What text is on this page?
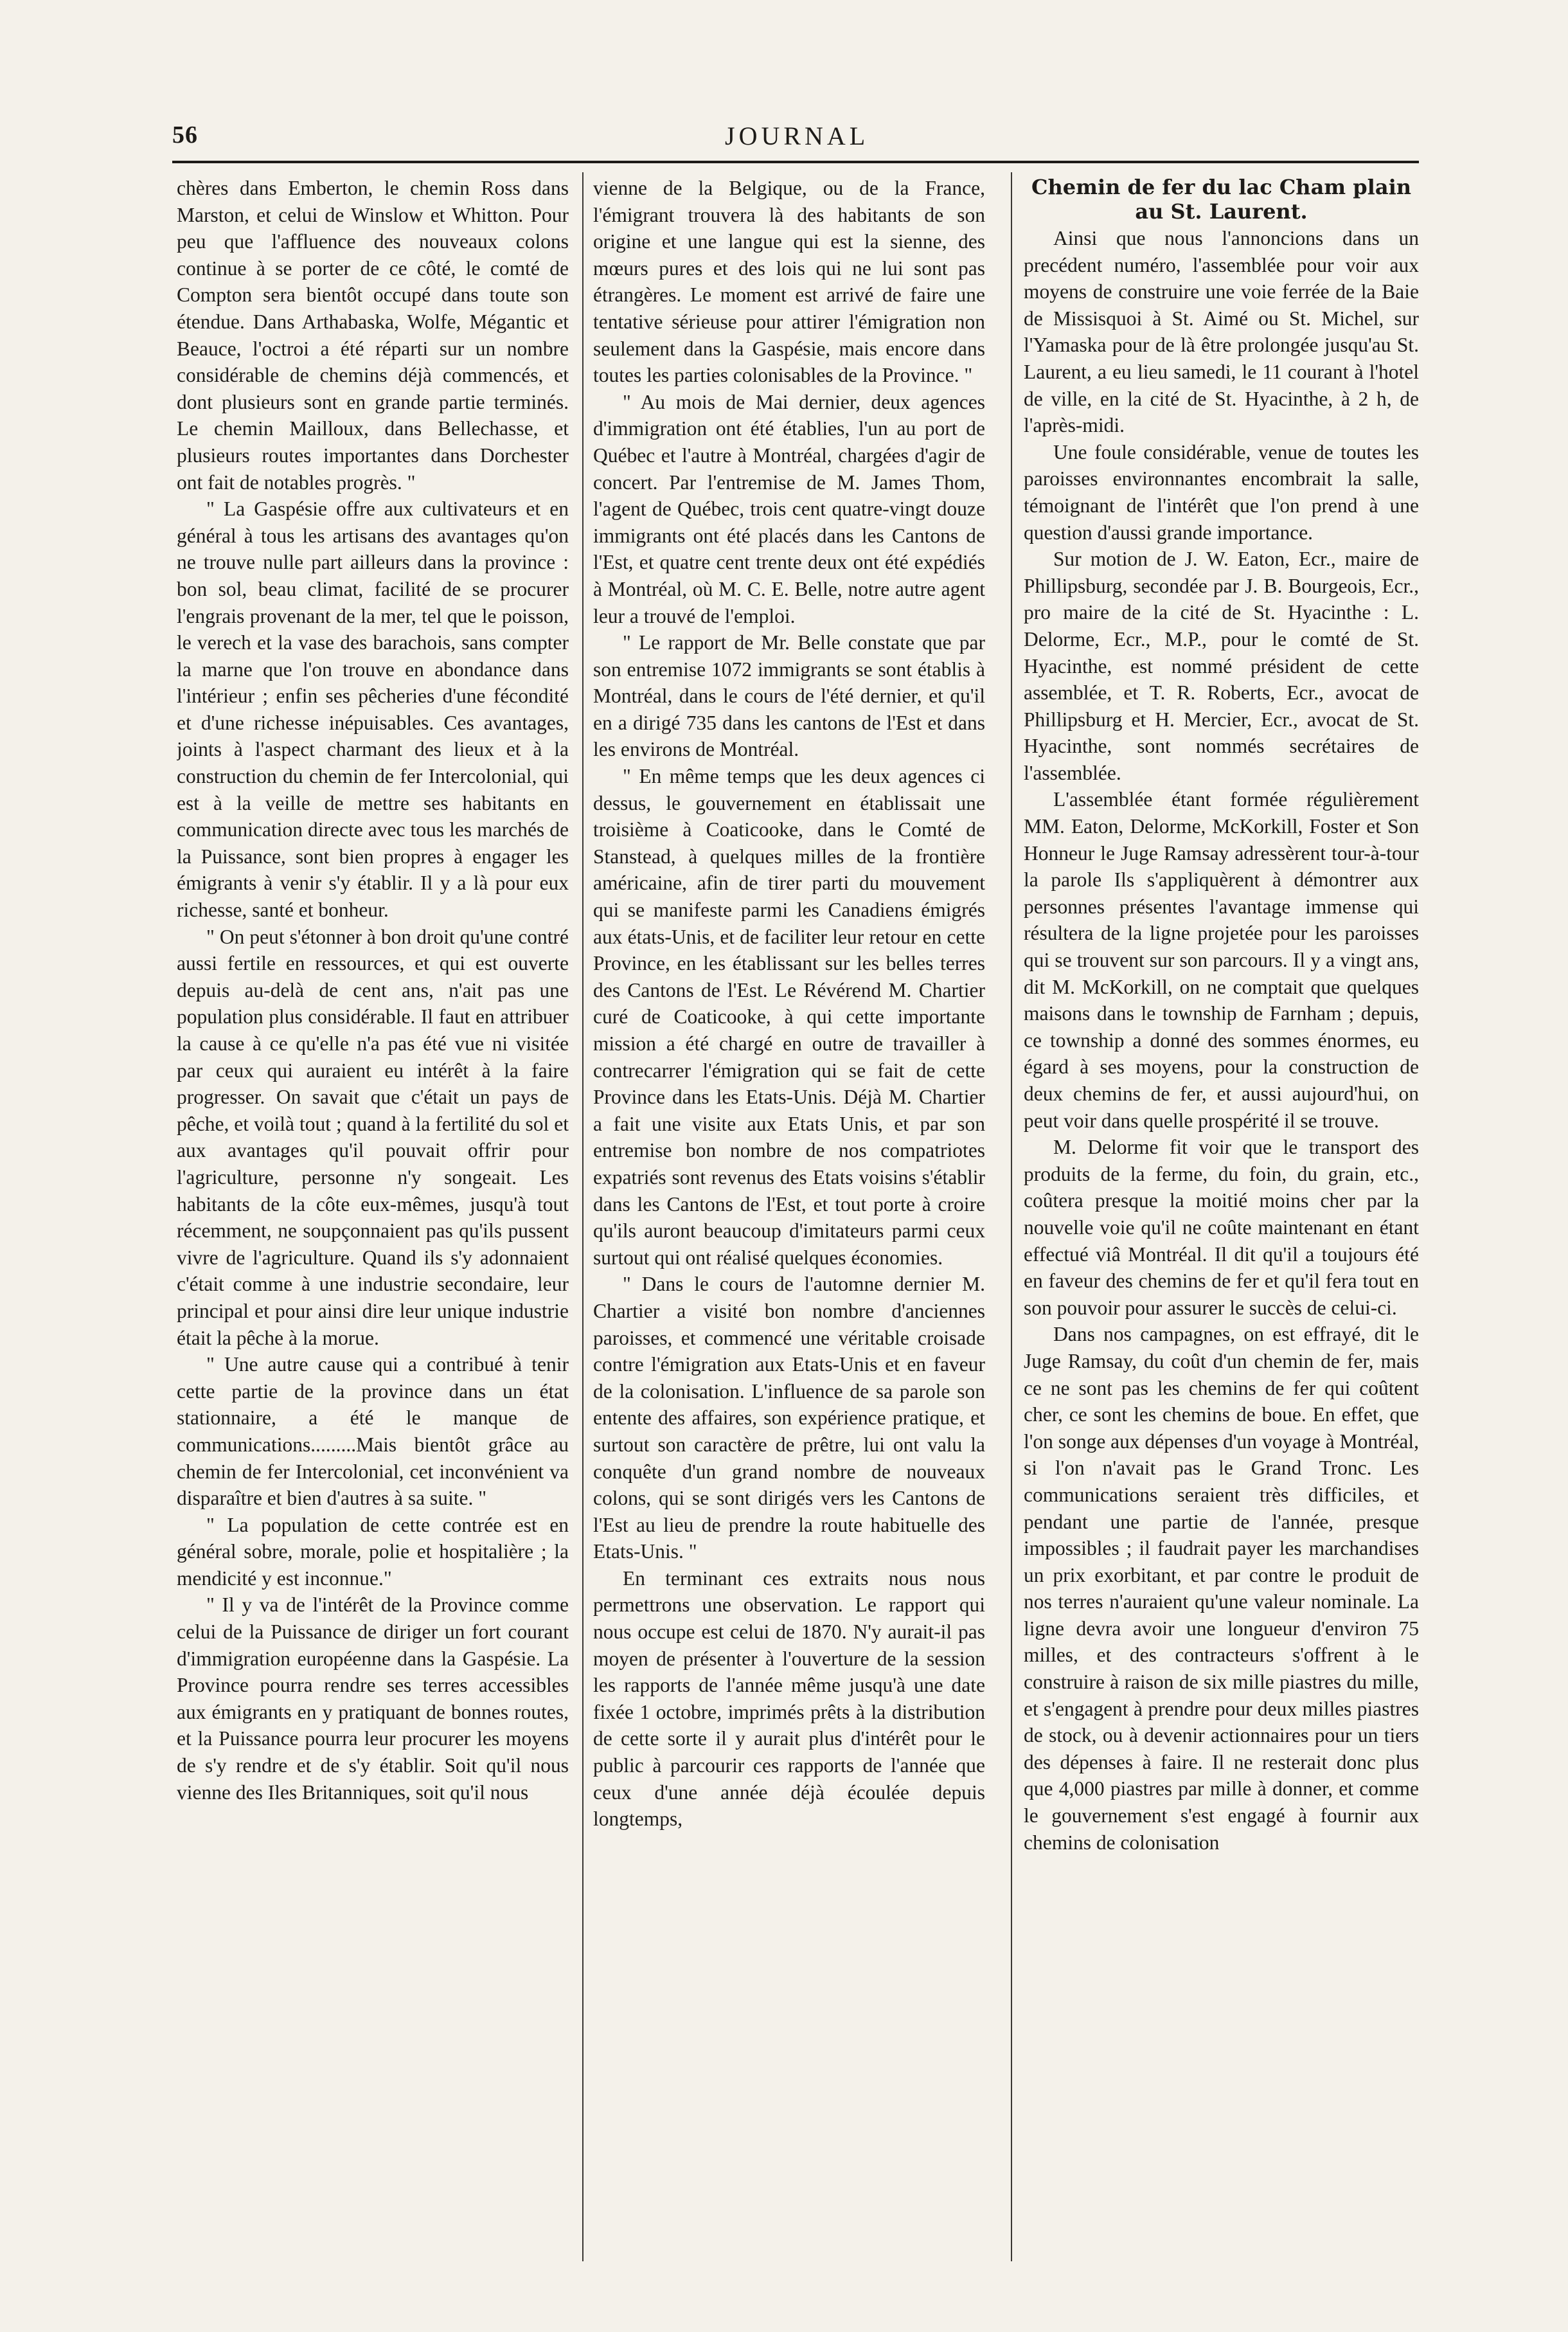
56	JOURNAL

chères dans Emberton, le chemin Ross dans Marston, et celui de Winslow et Whitton. Pour peu que l'affluence des nouveaux colons continue à se porter de ce côté, le comté de Compton sera bientôt occupé dans toute son étendue. Dans Arthabaska, Wolfe, Mégantic et Beauce, l'octroi a été réparti sur un nombre considérable de chemins déjà commencés, et dont plusieurs sont en grande partie terminés. Le chemin Mailloux, dans Bellechasse, et plusieurs routes importantes dans Dorchester ont fait de notables progrès. "

" La Gaspésie offre aux cultivateurs et en général à tous les artisans des avantages qu'on ne trouve nulle part ailleurs dans la province : bon sol, beau climat, facilité de se procurer l'engrais provenant de la mer, tel que le poisson, le verech et la vase des barachois, sans compter la marne que l'on trouve en abondance dans l'intérieur ; enfin ses pêcheries d'une fécondité et d'une richesse inépuisables. Ces avantages, joints à l'aspect charmant des lieux et à la construction du chemin de fer Intercolonial, qui est à la veille de mettre ses habitants en communication directe avec tous les marchés de la Puissance, sont bien propres à engager les émigrants à venir s'y établir. Il y a là pour eux richesse, santé et bonheur.

" On peut s'étonner à bon droit qu'une contré aussi fertile en ressources, et qui est ouverte depuis au-delà de cent ans, n'ait pas une population plus considérable. Il faut en attribuer la cause à ce qu'elle n'a pas été vue ni visitée par ceux qui auraient eu intérêt à la faire progresser. On savait que c'était un pays de pêche, et voilà tout ; quand à la fertilité du sol et aux avantages qu'il pouvait offrir pour l'agriculture, personne n'y songeait. Les habitants de la côte eux-mêmes, jusqu'à tout récemment, ne soupçonnaient pas qu'ils pussent vivre de l'agriculture. Quand ils s'y adonnaient c'était comme à une industrie secondaire, leur principal et pour ainsi dire leur unique industrie était la pêche à la morue.

" Une autre cause qui a contribué à tenir cette partie de la province dans un état stationnaire, a été le manque de communications.........Mais bientôt grâce au chemin de fer Intercolonial, cet inconvénient va disparaître et bien d'autres à sa suite. "

" La population de cette contrée est en général sobre, morale, polie et hospitalière ; la mendicité y est inconnue."

" Il y va de l'intérêt de la Province comme celui de la Puissance de diriger un fort courant d'immigration européenne dans la Gaspésie. La Province pourra rendre ses terres accessibles aux émigrants en y pratiquant de bonnes routes, et la Puissance pourra leur procurer les moyens de s'y rendre et de s'y établir. Soit qu'il nous vienne des Iles Britanniques, soit qu'il nous

vienne de la Belgique, ou de la France, l'émigrant trouvera là des habitants de son origine et une langue qui est la sienne, des mœurs pures et des lois qui ne lui sont pas étrangères. Le moment est arrivé de faire une tentative sérieuse pour attirer l'émigration non seulement dans la Gaspésie, mais encore dans toutes les parties colonisables de la Province. "

" Au mois de Mai dernier, deux agences d'immigration ont été établies, l'un au port de Québec et l'autre à Montréal, chargées d'agir de concert. Par l'entremise de M. James Thom, l'agent de Québec, trois cent quatre-vingt douze immigrants ont été placés dans les Cantons de l'Est, et quatre cent trente deux ont été expédiés à Montréal, où M. C. E. Belle, notre autre agent leur a trouvé de l'emploi.

" Le rapport de Mr. Belle constate que par son entremise 1072 immigrants se sont établis à Montréal, dans le cours de l'été dernier, et qu'il en a dirigé 735 dans les cantons de l'Est et dans les environs de Montréal.

" En même temps que les deux agences ci dessus, le gouvernement en établissait une troisième à Coaticooke, dans le Comté de Stanstead, à quelques milles de la frontière américaine, afin de tirer parti du mouvement qui se manifeste parmi les Canadiens émigrés aux états-Unis, et de faciliter leur retour en cette Province, en les établissant sur les belles terres des Cantons de l'Est. Le Révérend M. Chartier curé de Coaticooke, à qui cette importante mission a été chargé en outre de travailler à contrecarrer l'émigration qui se fait de cette Province dans les Etats-Unis. Déjà M. Chartier a fait une visite aux Etats Unis, et par son entremise bon nombre de nos compatriotes expatriés sont revenus des Etats voisins s'établir dans les Cantons de l'Est, et tout porte à croire qu'ils auront beaucoup d'imitateurs parmi ceux surtout qui ont réalisé quelques économies.

" Dans le cours de l'automne dernier M. Chartier a visité bon nombre d'anciennes paroisses, et commencé une véritable croisade contre l'émigration aux Etats-Unis et en faveur de la colonisation. L'influence de sa parole son entente des affaires, son expérience pratique, et surtout son caractère de prêtre, lui ont valu la conquête d'un grand nombre de nouveaux colons, qui se sont dirigés vers les Cantons de l'Est au lieu de prendre la route habituelle des Etats-Unis. "

En terminant ces extraits nous nous permettrons une observation. Le rapport qui nous occupe est celui de 1870. N'y aurait-il pas moyen de présenter à l'ouverture de la session les rapports de l'année même jusqu'à une date fixée 1 octobre, imprimés prêts à la distribution de cette sorte il y aurait plus d'intérêt pour le public à parcourir ces rapports de l'année que ceux d'une année déjà écoulée depuis longtemps,

Chemin de fer du lac Cham plain au St. Laurent.

Ainsi que nous l'annoncions dans un precédent numéro, l'assemblée pour voir aux moyens de construire une voie ferrée de la Baie de Missisquoi à St. Aimé ou St. Michel, sur l'Yamaska pour de là être prolongée jusqu'au St. Laurent, a eu lieu samedi, le 11 courant à l'hotel de ville, en la cité de St. Hyacinthe, à 2 h, de l'après-midi.

Une foule considérable, venue de toutes les paroisses environnantes encombrait la salle, témoignant de l'intérêt que l'on prend à une question d'aussi grande importance.

Sur motion de J. W. Eaton, Ecr., maire de Phillipsburg, secondée par J. B. Bourgeois, Ecr., pro maire de la cité de St. Hyacinthe : L. Delorme, Ecr., M.P., pour le comté de St. Hyacinthe, est nommé président de cette assemblée, et T. R. Roberts, Ecr., avocat de Phillipsburg et H. Mercier, Ecr., avocat de St. Hyacinthe, sont nommés secrétaires de l'assemblée.

L'assemblée étant formée régulièrement MM. Eaton, Delorme, McKorkill, Foster et Son Honneur le Juge Ramsay adressèrent tour-à-tour la parole Ils s'appliquèrent à démontrer aux personnes présentes l'avantage immense qui résultera de la ligne projetée pour les paroisses qui se trouvent sur son parcours. Il y a vingt ans, dit M. McKorkill, on ne comptait que quelques maisons dans le township de Farnham ; depuis, ce township a donné des sommes énormes, eu égard à ses moyens, pour la construction de deux chemins de fer, et aussi aujourd'hui, on peut voir dans quelle prospérité il se trouve.

M. Delorme fit voir que le transport des produits de la ferme, du foin, du grain, etc., coûtera presque la moitié moins cher par la nouvelle voie qu'il ne coûte maintenant en étant effectué viâ Montréal. Il dit qu'il a toujours été en faveur des chemins de fer et qu'il fera tout en son pouvoir pour assurer le succès de celui-ci.

Dans nos campagnes, on est effrayé, dit le Juge Ramsay, du coût d'un chemin de fer, mais ce ne sont pas les chemins de fer qui coûtent cher, ce sont les chemins de boue. En effet, que l'on songe aux dépenses d'un voyage à Montréal, si l'on n'avait pas le Grand Tronc. Les communications seraient très difficiles, et pendant une partie de l'année, presque impossibles ; il faudrait payer les marchandises un prix exorbitant, et par contre le produit de nos terres n'auraient qu'une valeur nominale. La ligne devra avoir une longueur d'environ 75 milles, et des contracteurs s'offrent à le construire à raison de six mille piastres du mille, et s'engagent à prendre pour deux milles piastres de stock, ou à devenir actionnaires pour un tiers des dépenses à faire. Il ne resterait donc plus que 4,000 piastres par mille à donner, et comme le gouvernement s'est engagé à fournir aux chemins de colonisation
